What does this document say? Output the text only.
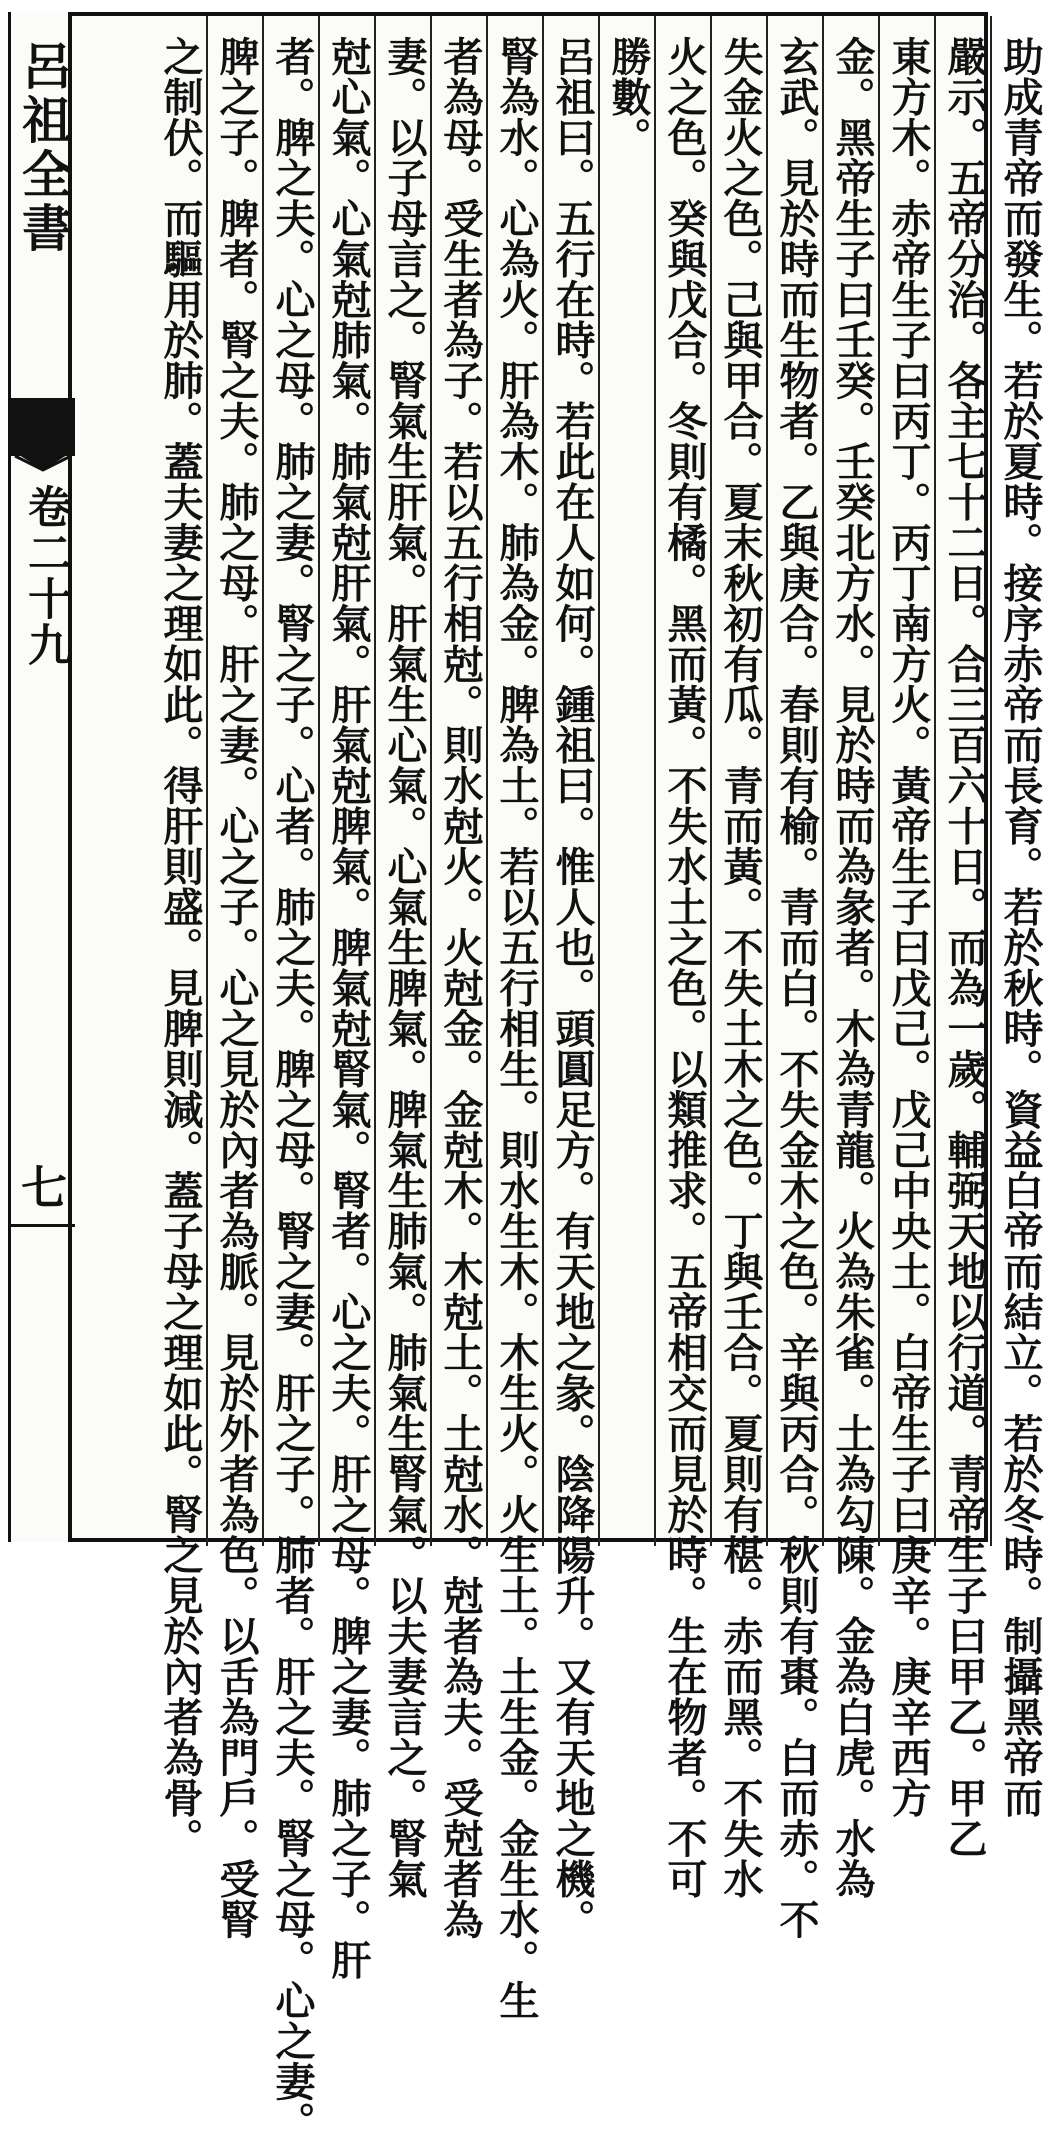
助成青帝而發生。若於夏時。接序赤帝而長育。若於秋時。資益白帝而結立。若於冬時。制攝黑帝而
嚴示。五帝分治。各主七十二日。合三百六十日。而為一歲。輔弼天地以行道。青帝生子曰甲乙。甲乙
東方木。赤帝生子曰丙丁。丙丁南方火。黃帝生子曰戊己。戊己中央土。白帝生子曰庚辛。庚辛西方
金。黑帝生子曰壬癸。壬癸北方水。見於時而為彖者。木為青龍。火為朱雀。土為勾陳。金為白虎。水為
玄武。見於時而生物者。乙與庚合。春則有榆。青而白。不失金木之色。辛與丙合。秋則有棗。白而赤。不
失金火之色。己與甲合。夏末秋初有瓜。青而黃。不失土木之色。丁與壬合。夏則有椹。赤而黑。不失水
火之色。癸與戊合。冬則有橘。黑而黃。不失水土之色。以類推求。五帝相交而見於時。生在物者。不可
勝數。
呂祖曰。五行在時。若此在人如何。鍾祖曰。惟人也。頭圓足方。有天地之彖。陰降陽升。又有天地之機。
腎為水。心為火。肝為木。肺為金。脾為土。若以五行相生。則水生木。木生火。火生土。土生金。金生水。生
者為母。受生者為子。若以五行相尅。則水尅火。火尅金。金尅木。木尅土。土尅水。尅者為夫。受尅者為
妻。以子母言之。腎氣生肝氣。肝氣生心氣。心氣生脾氣。脾氣生肺氣。肺氣生腎氣。以夫妻言之。腎氣
尅心氣。心氣尅肺氣。肺氣尅肝氣。肝氣尅脾氣。脾氣尅腎氣。腎者。心之夫。肝之母。脾之妻。肺之子。肝
者。脾之夫。心之母。肺之妻。腎之子。心者。肺之夫。脾之母。腎之妻。肝之子。肺者。肝之夫。腎之母。心之妻。
脾之子。脾者。腎之夫。肺之母。肝之妻。心之子。心之見於內者為脈。見於外者為色。以舌為門戶。受腎
之制伏。而驅用於肺。蓋夫妻之理如此。得肝則盛。見脾則減。蓋子母之理如此。腎之見於內者為骨。
呂祖全書
卷二十九
七
